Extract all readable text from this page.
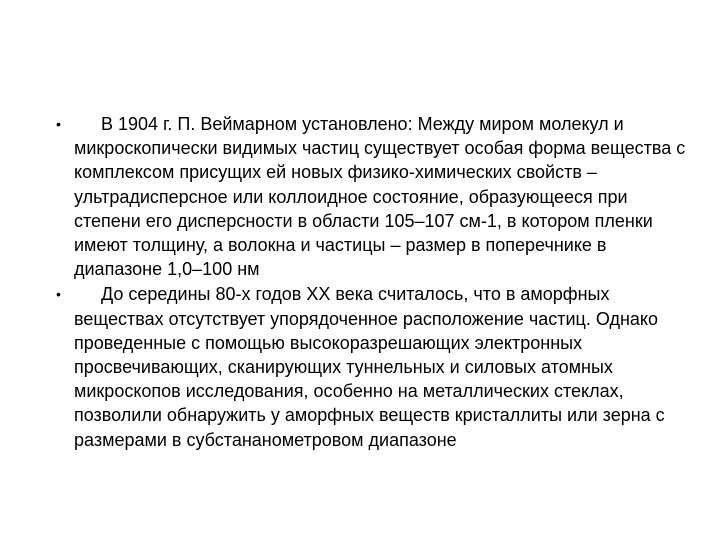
•	В 1904 г. П. Веймарном установлено: Между миром молекул и микроскопически видимых частиц существует особая форма вещества с комплексом присущих ей новых физико-химических свойств – ультрадисперсное или коллоидное состояние, образующееся при степени его дисперсности в области 105–107 см-1, в котором пленки имеют толщину, а волокна и частицы – размер в поперечнике в диапазоне 1,0–100 нм
•	До середины 80-х годов XX века считалось, что в аморфных веществах отсутствует упорядоченное расположение частиц. Однако проведенные с помощью высокоразрешающих электронных просвечивающих, сканирующих туннельных и силовых атомных микроскопов исследования, особенно на металлических стеклах, позволили обнаружить у аморфных веществ кристаллиты или зерна с размерами в субстананометровом диапазоне
